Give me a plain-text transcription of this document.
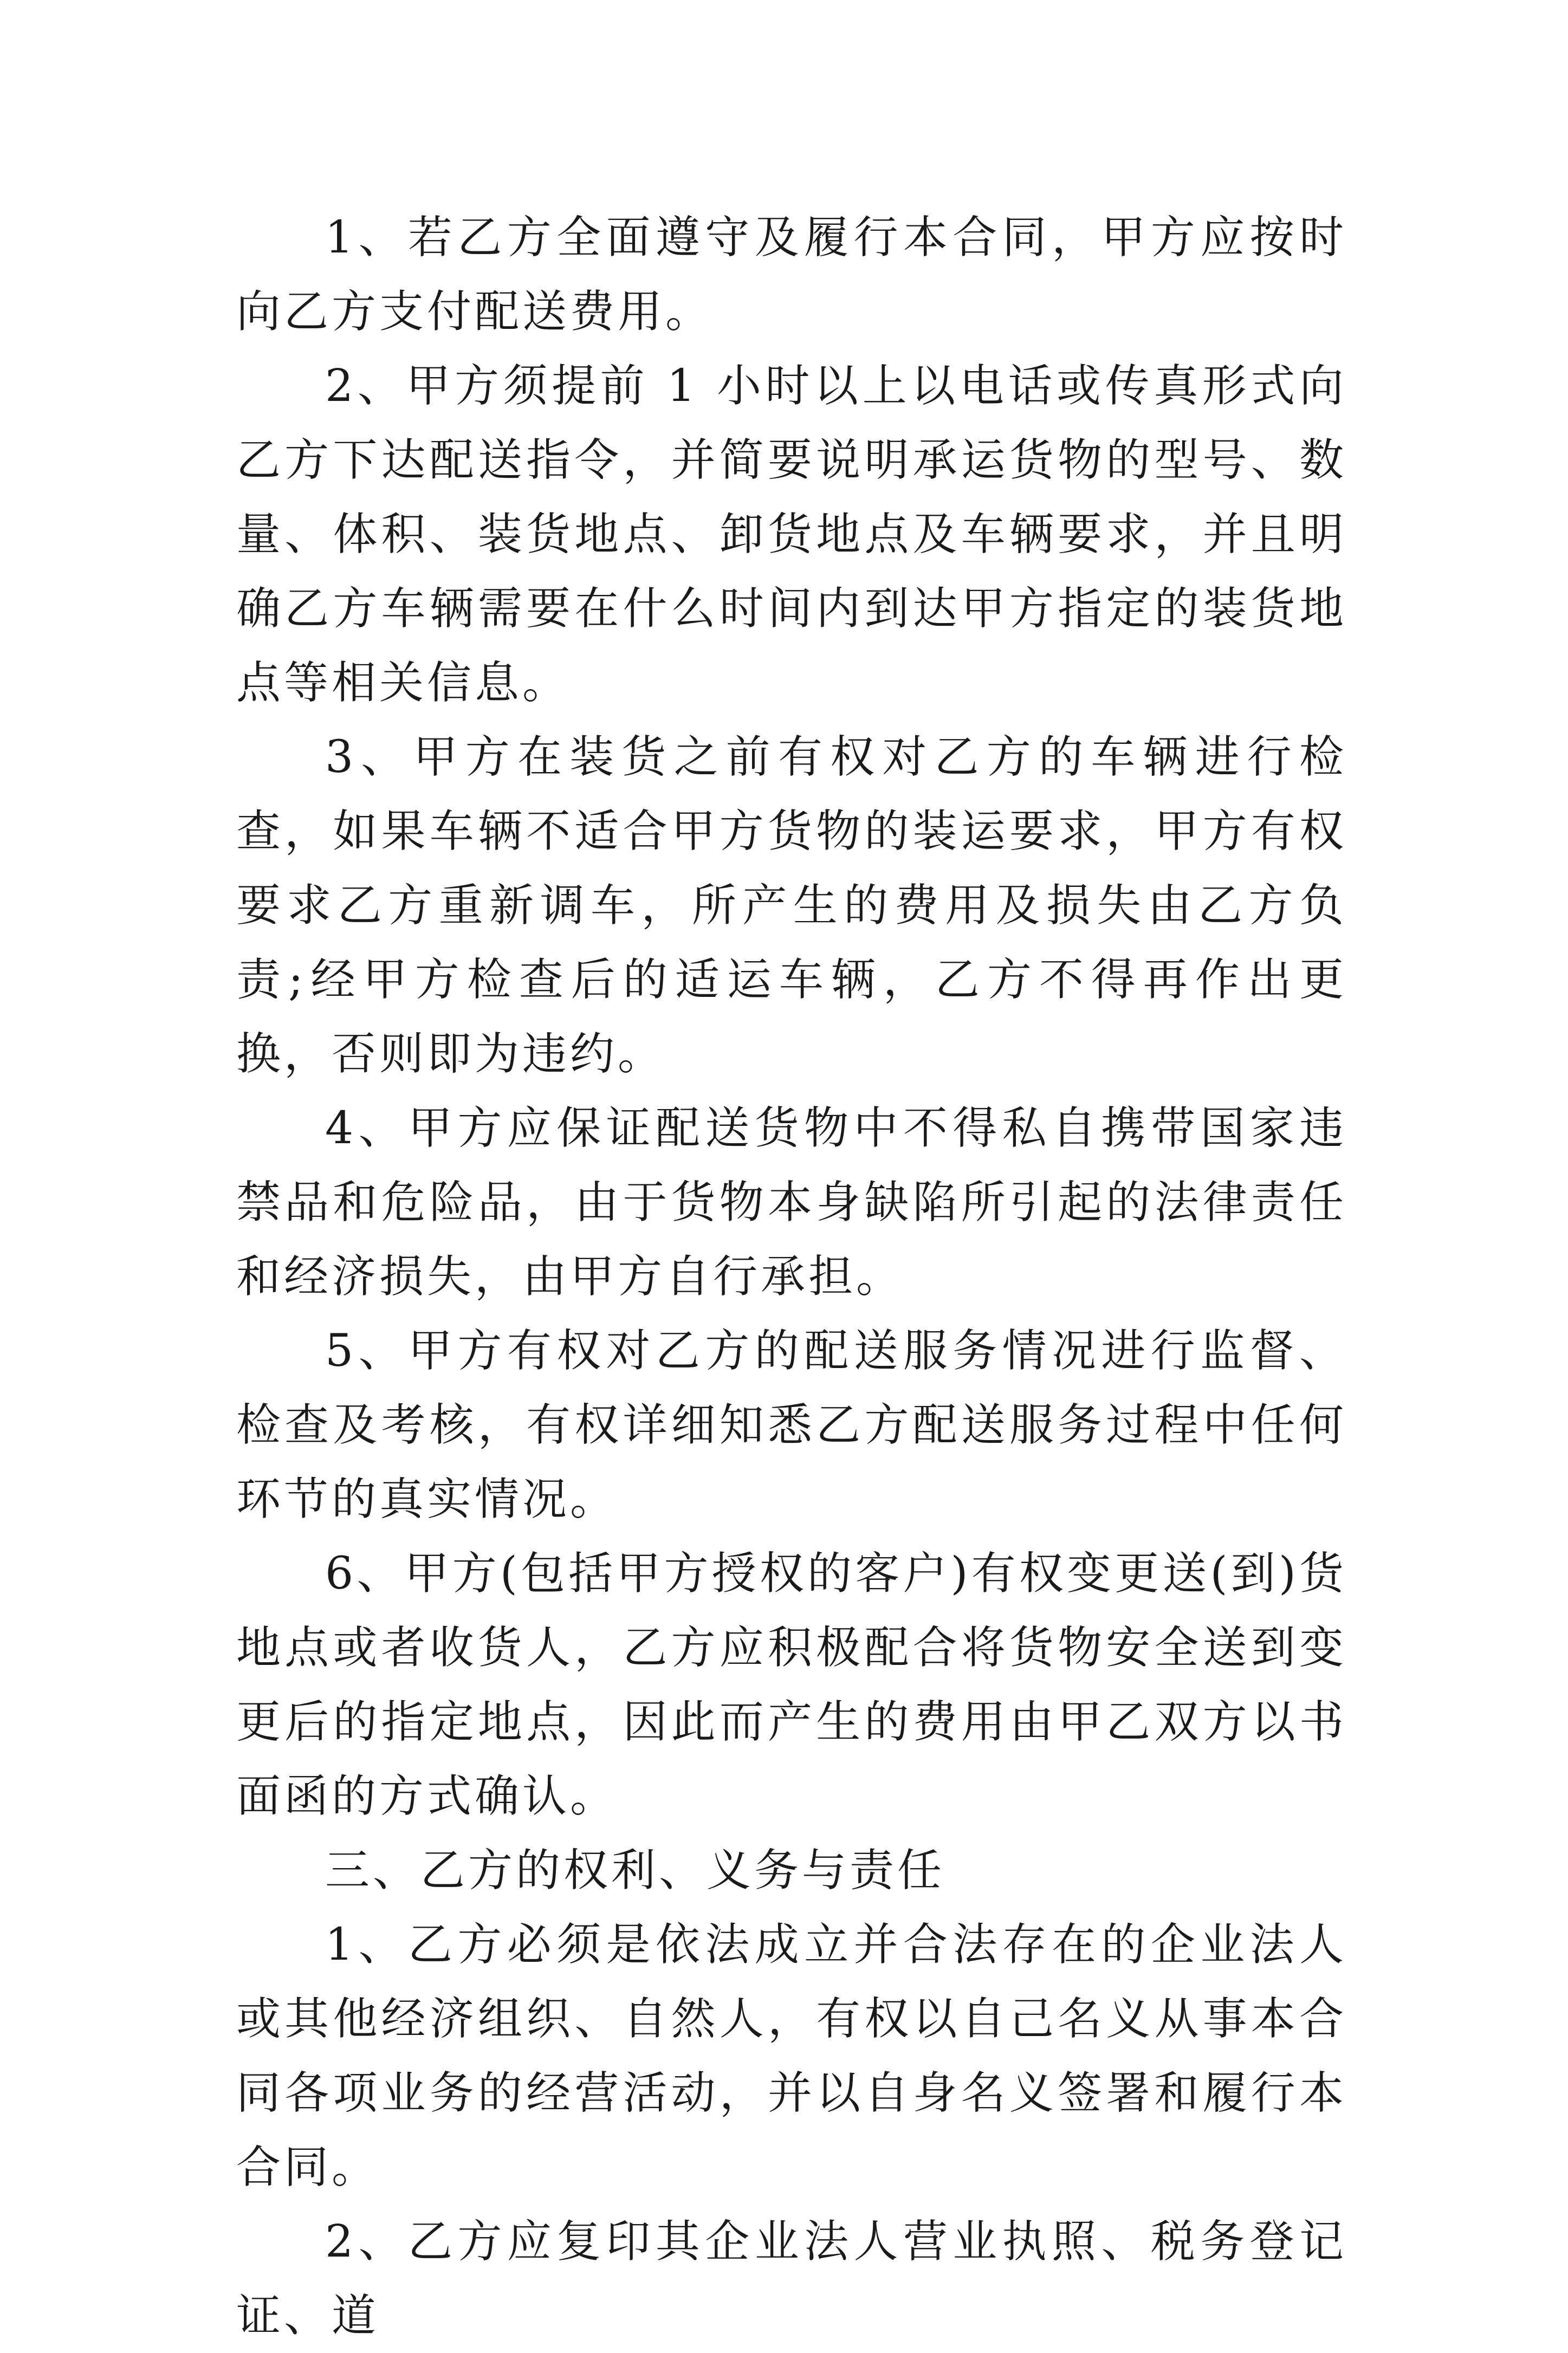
1、若乙方全面遵守及履行本合同，甲方应按时向乙方支付配送费用。

2、甲方须提前 1 小时以上以电话或传真形式向乙方下达配送指令，并简要说明承运货物的型号、数量、体积、装货地点、卸货地点及车辆要求，并且明确乙方车辆需要在什么时间内到达甲方指定的装货地点等相关信息。

3、甲方在装货之前有权对乙方的车辆进行检查，如果车辆不适合甲方货物的装运要求，甲方有权要求乙方重新调车，所产生的费用及损失由乙方负责;经甲方检查后的适运车辆，乙方不得再作出更换，否则即为违约。

4、甲方应保证配送货物中不得私自携带国家违禁品和危险品，由于货物本身缺陷所引起的法律责任和经济损失，由甲方自行承担。

5、甲方有权对乙方的配送服务情况进行监督、检查及考核，有权详细知悉乙方配送服务过程中任何环节的真实情况。

6、甲方(包括甲方授权的客户)有权变更送(到)货地点或者收货人，乙方应积极配合将货物安全送到变更后的指定地点，因此而产生的费用由甲乙双方以书面函的方式确认。

三、乙方的权利、义务与责任

1、乙方必须是依法成立并合法存在的企业法人或其他经济组织、自然人，有权以自己名义从事本合同各项业务的经营活动，并以自身名义签署和履行本合同。

2、乙方应复印其企业法人营业执照、税务登记证、道
